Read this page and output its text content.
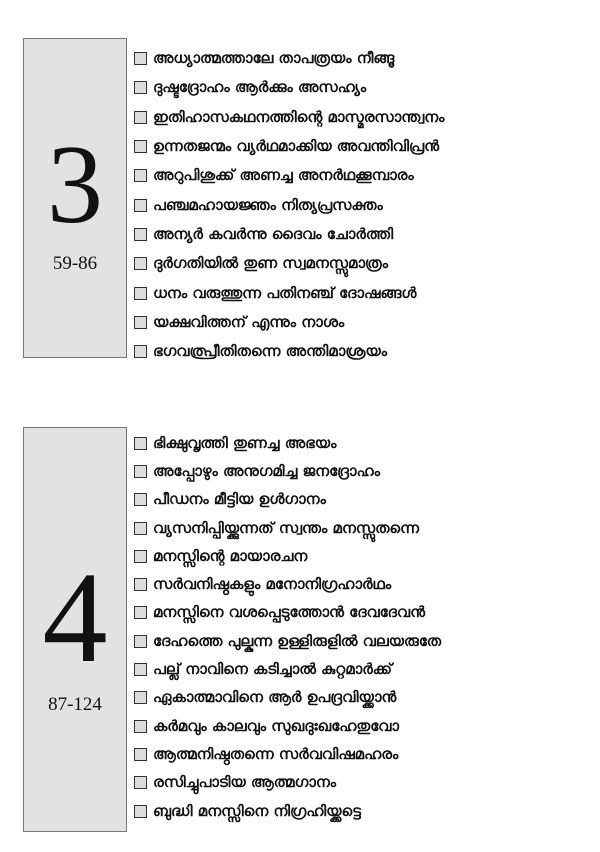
3
59-86
അധ്യാത്മത്താലേ താപത്രയം നീങ്ങൂ
ദുഷ്ടദ്രോഹം ആർക്കും അസഹ്യം
ഇതിഹാസകഥനത്തിന്റെ മാസ്മരസാന്ത്വനം
ഉന്നതജന്മം വ്യർഥമാക്കിയ അവന്തിവിപ്രൻ
അറുപിശുക്ക് അണച്ച അനർഥക്കൂമ്പാരം
പഞ്ചമഹായജ്ഞം നിത്യപ്രസക്തം
അന്യർ കവർന്നു ദൈവം ചോർത്തി
ദുർഗതിയിൽ തുണ സ്വമനസ്സുമാത്രം
ധനം വരുത്തുന്ന പതിനഞ്ച് ദോഷങ്ങൾ
യക്ഷവിത്തന് എന്നും നാശം
ഭഗവത്പ്രീതിതന്നെ അന്തിമാശ്രയം
4
87-124
ഭിക്ഷുവൃത്തി തുണച്ച അഭയം
അപ്പോഴും അനുഗമിച്ച ജനദ്രോഹം
പീഡനം മീട്ടിയ ഉൾഗാനം
വ്യസനിപ്പിയ്ക്കുന്നത് സ്വന്തം മനസ്സുതന്നെ
മനസ്സിന്റെ മായാരചന
സർവനിഷ്ഠകളും മനോനിഗ്രഹാർഥം
മനസ്സിനെ വശപ്പെടുത്തോൻ ദേവദേവൻ
ദേഹത്തെ പുല്കുന്ന ഉള്ളിരുളിൽ വലയരുതേ
പല്ല് നാവിനെ കടിച്ചാൽ കുറ്റമാർക്ക്
ഏകാത്മാവിനെ ആർ ഉപദ്രവിയ്ക്കാൻ
കർമവും കാലവും സുഖദുഃഖഹേതുവോ
ആത്മനിഷ്ഠതന്നെ സർവവിഷമഹരം
രസിച്ചുപാടിയ ആത്മഗാനം
ബുദ്ധി മനസ്സിനെ നിഗ്രഹിയ്ക്കട്ടെ
